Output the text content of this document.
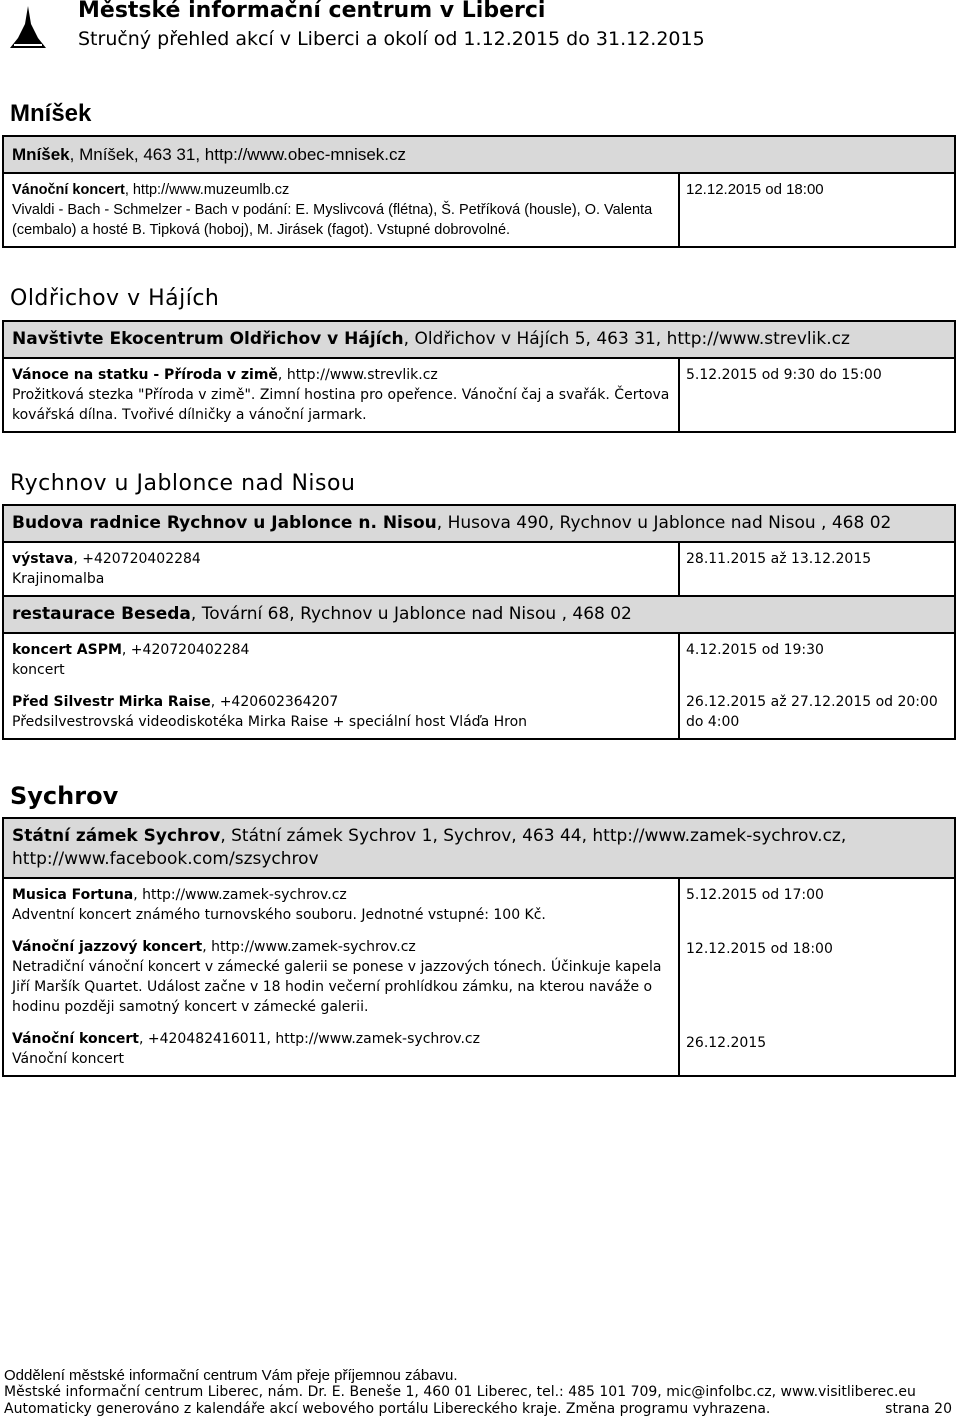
Městské informační centrum v Liberci
Stručný přehled akcí v Liberci a okolí od 1.12.2015 do 31.12.2015
Mníšek
Mníšek, Mníšek, 463 31, http://www.obec-mnisek.cz
Vánoční koncert, http://www.muzeumlb.cz
Vivaldi - Bach - Schmelzer - Bach v podání: E. Myslivcová (flétna), Š. Petříková (housle), O. Valenta (cembalo) a hosté B. Tipková (hoboj), M. Jirásek (fagot). Vstupné dobrovolné.
12.12.2015 od 18:00
Oldřichov v Hájích
Navštivte Ekocentrum Oldřichov v Hájích, Oldřichov v Hájích 5, 463 31, http://www.strevlik.cz
Vánoce na statku - Příroda v zimě, http://www.strevlik.cz
Prožitková stezka "Příroda v zimě". Zimní hostina pro opeřence. Vánoční čaj a svařák. Čertova kovářská dílna. Tvořivé dílničky a vánoční jarmark.
5.12.2015 od 9:30 do 15:00
Rychnov u Jablonce nad Nisou
Budova radnice Rychnov u Jablonce n. Nisou, Husova 490, Rychnov u Jablonce nad Nisou , 468 02
výstava, +420720402284
Krajinomalba
28.11.2015 až 13.12.2015
restaurace Beseda, Tovární 68, Rychnov u Jablonce nad Nisou , 468 02
koncert ASPM, +420720402284
koncert
Před Silvestr Mirka Raise, +420602364207
Předsilvestrovská videodiskotéka Mirka Raise + speciální host Vláďa Hron
4.12.2015 od 19:30
26.12.2015 až 27.12.2015 od 20:00 do 4:00
Sychrov
Státní zámek Sychrov, Státní zámek Sychrov 1, Sychrov, 463 44, http://www.zamek-sychrov.cz, http://www.facebook.com/szsychrov
Musica Fortuna, http://www.zamek-sychrov.cz
Adventní koncert známého turnovského souboru. Jednotné vstupné: 100 Kč.
Vánoční jazzový koncert, http://www.zamek-sychrov.cz
Netradiční vánoční koncert v zámecké galerii se ponese v jazzových tónech. Účinkuje kapela Jiří Maršík Quartet. Událost začne v 18 hodin večerní prohlídkou zámku, na kterou naváže o hodinu později samotný koncert v zámecké galerii.
Vánoční koncert, +420482416011, http://www.zamek-sychrov.cz
Vánoční koncert
5.12.2015 od 17:00
12.12.2015 od 18:00
26.12.2015
Oddělení městské informační centrum Vám přeje příjemnou zábavu.
Městské informační centrum Liberec, nám. Dr. E. Beneše 1, 460 01 Liberec, tel.: 485 101 709, mic@infolbc.cz, www.visitliberec.eu
Automaticky generováno z kalendáře akcí webového portálu Libereckého kraje. Změna programu vyhrazena.	strana 20
